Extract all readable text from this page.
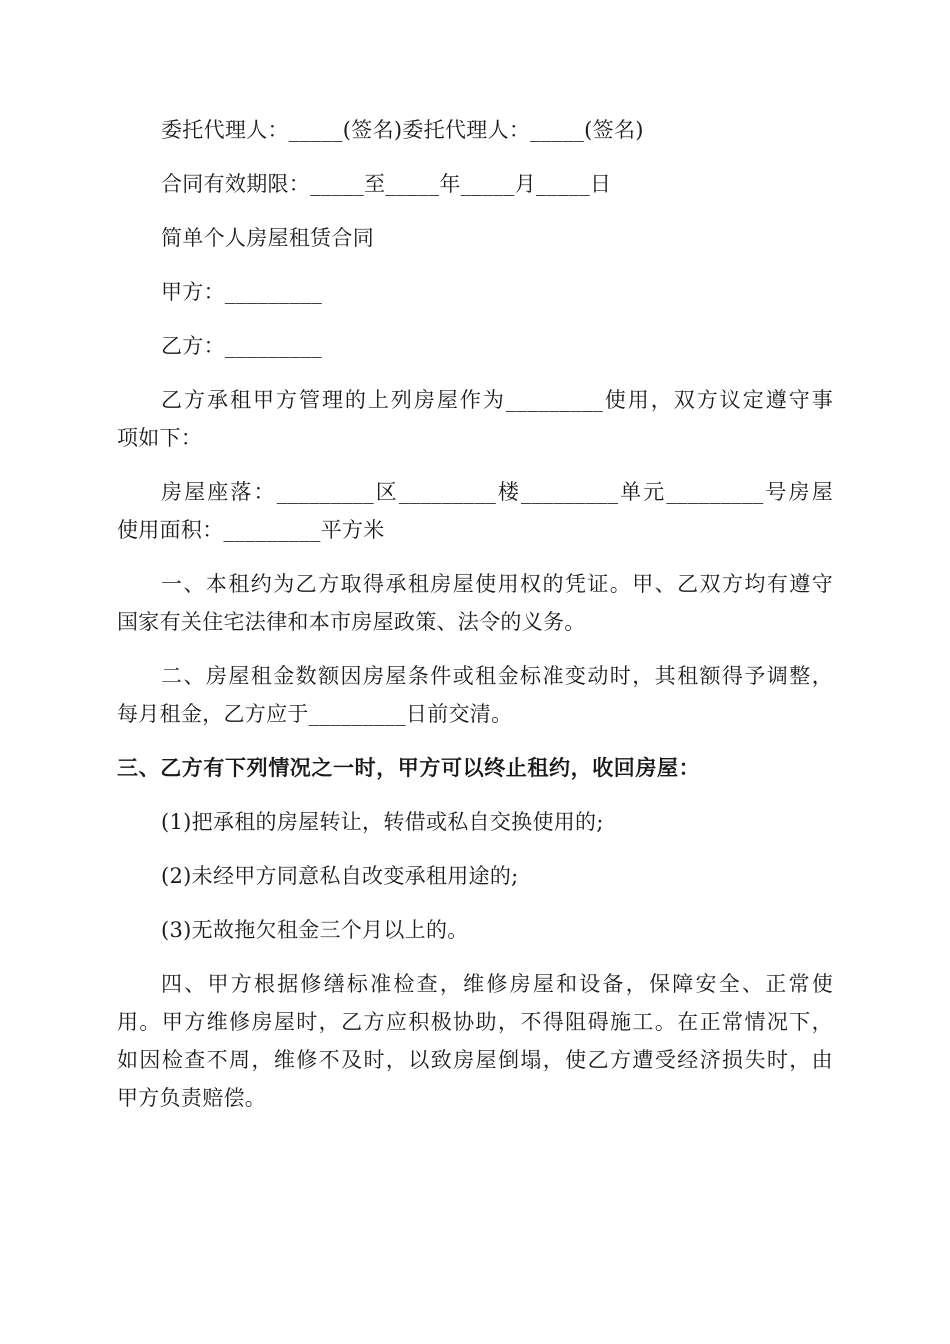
委托代理人：_____(签名)委托代理人：_____(签名)
合同有效期限：_____至_____年_____月_____日
简单个人房屋租赁合同
甲方：_________
乙方：_________
乙方承租甲方管理的上列房屋作为_________使用，双方议定遵守事
项如下：
房屋座落：_________区_________楼_________单元_________号房屋
使用面积：_________平方米
一、本租约为乙方取得承租房屋使用权的凭证。甲、乙双方均有遵守
国家有关住宅法律和本市房屋政策、法令的义务。
二、房屋租金数额因房屋条件或租金标准变动时，其租额得予调整，
每月租金，乙方应于_________日前交清。
三、乙方有下列情况之一时，甲方可以终止租约，收回房屋：
(1)把承租的房屋转让，转借或私自交换使用的;
(2)未经甲方同意私自改变承租用途的;
(3)无故拖欠租金三个月以上的。
四、甲方根据修缮标准检查，维修房屋和设备，保障安全、正常使
用。甲方维修房屋时，乙方应积极协助，不得阻碍施工。在正常情况下，
如因检查不周，维修不及时，以致房屋倒塌，使乙方遭受经济损失时，由
甲方负责赔偿。
